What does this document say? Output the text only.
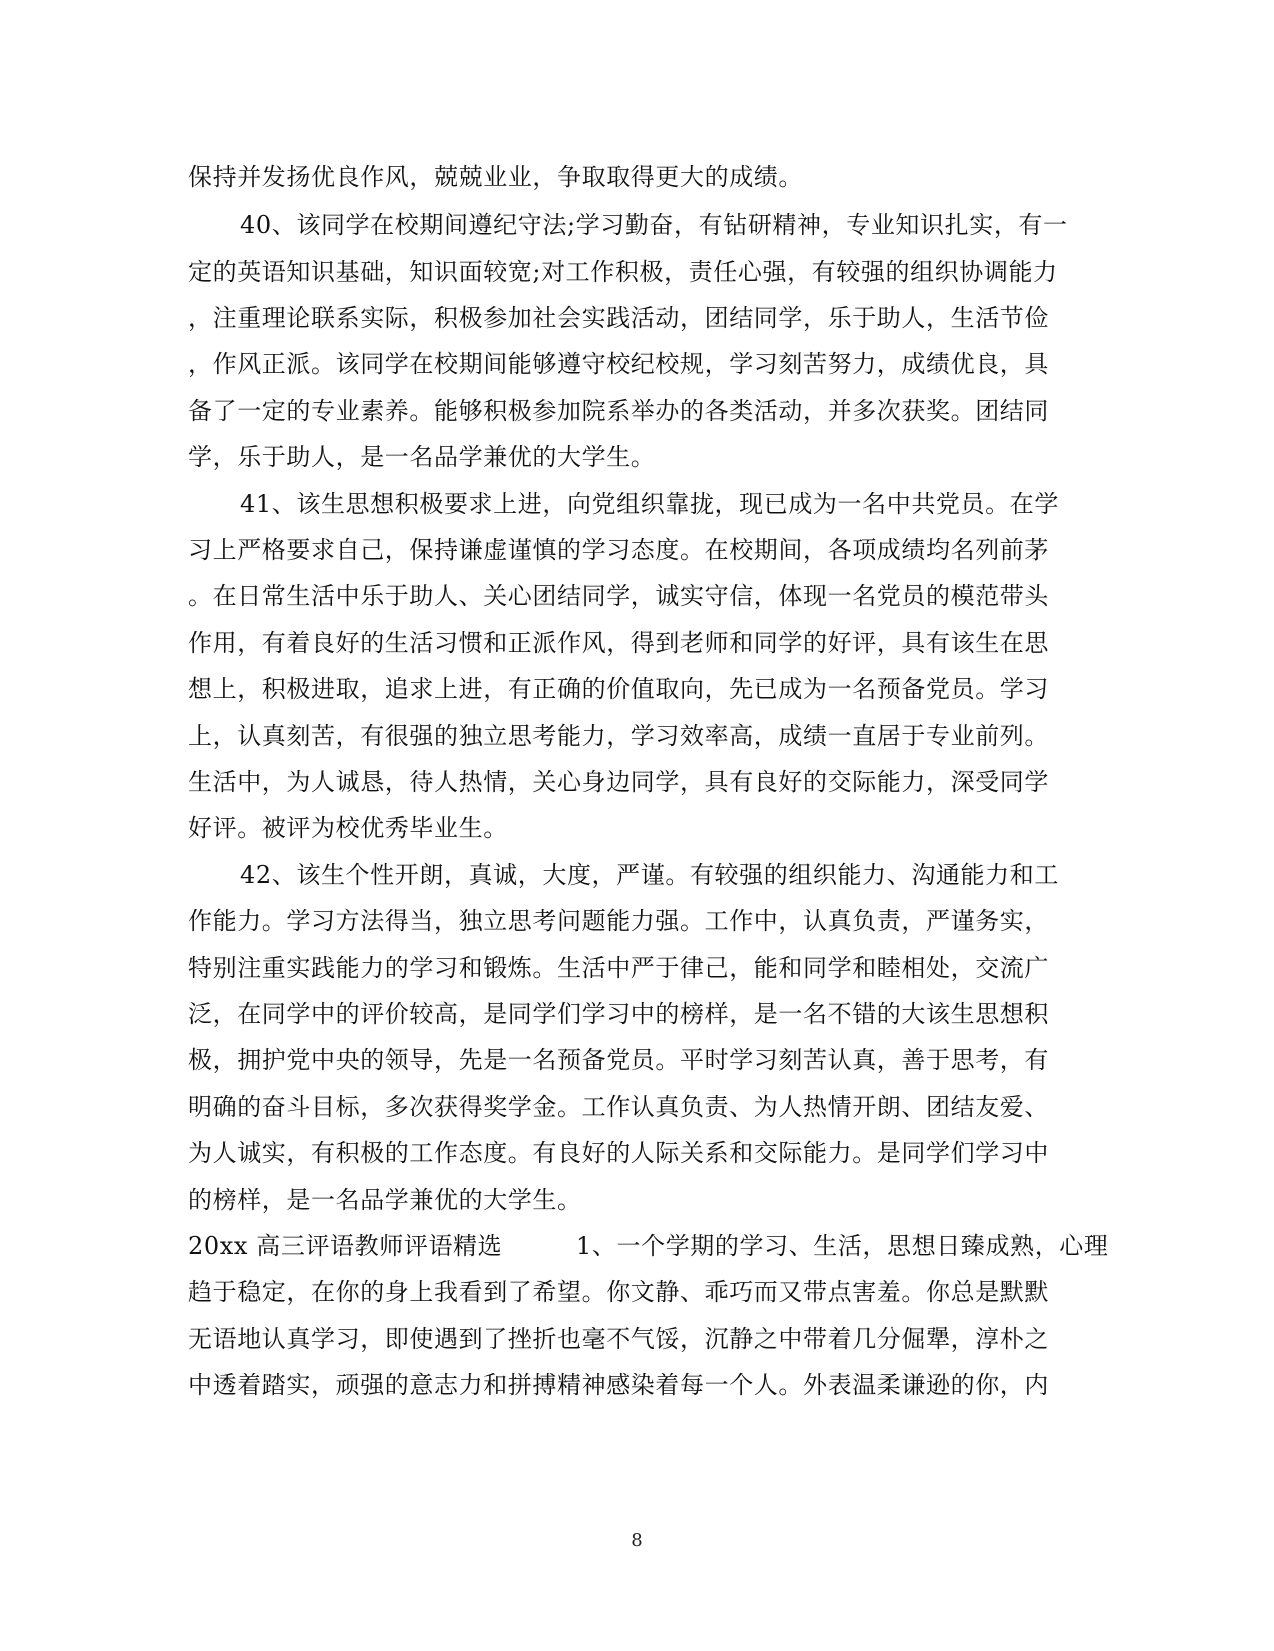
保持并发扬优良作风，兢兢业业，争取取得更大的成绩。
40、该同学在校期间遵纪守法;学习勤奋，有钻研精神，专业知识扎实，有一
定的英语知识基础，知识面较宽;对工作积极，责任心强，有较强的组织协调能力
，注重理论联系实际，积极参加社会实践活动，团结同学，乐于助人，生活节俭
，作风正派。该同学在校期间能够遵守校纪校规，学习刻苦努力，成绩优良，具
备了一定的专业素养。能够积极参加院系举办的各类活动，并多次获奖。团结同
学，乐于助人，是一名品学兼优的大学生。
41、该生思想积极要求上进，向党组织靠拢，现已成为一名中共党员。在学
习上严格要求自己，保持谦虚谨慎的学习态度。在校期间，各项成绩均名列前茅
。在日常生活中乐于助人、关心团结同学，诚实守信，体现一名党员的模范带头
作用，有着良好的生活习惯和正派作风，得到老师和同学的好评，具有该生在思
想上，积极进取，追求上进，有正确的价值取向，先已成为一名预备党员。学习
上，认真刻苦，有很强的独立思考能力，学习效率高，成绩一直居于专业前列。
生活中，为人诚恳，待人热情，关心身边同学，具有良好的交际能力，深受同学
好评。被评为校优秀毕业生。
42、该生个性开朗，真诚，大度，严谨。有较强的组织能力、沟通能力和工
作能力。学习方法得当，独立思考问题能力强。工作中，认真负责，严谨务实，
特别注重实践能力的学习和锻炼。生活中严于律己，能和同学和睦相处，交流广
泛，在同学中的评价较高，是同学们学习中的榜样，是一名不错的大该生思想积
极，拥护党中央的领导，先是一名预备党员。平时学习刻苦认真，善于思考，有
明确的奋斗目标，多次获得奖学金。工作认真负责、为人热情开朗、团结友爱、
为人诚实，有积极的工作态度。有良好的人际关系和交际能力。是同学们学习中
的榜样，是一名品学兼优的大学生。
20xx 高三评语教师评语精选　　　1、一个学期的学习、生活，思想日臻成熟，心理
趋于稳定，在你的身上我看到了希望。你文静、乖巧而又带点害羞。你总是默默
无语地认真学习，即使遇到了挫折也毫不气馁，沉静之中带着几分倔犟，淳朴之
中透着踏实，顽强的意志力和拼搏精神感染着每一个人。外表温柔谦逊的你，内
8
